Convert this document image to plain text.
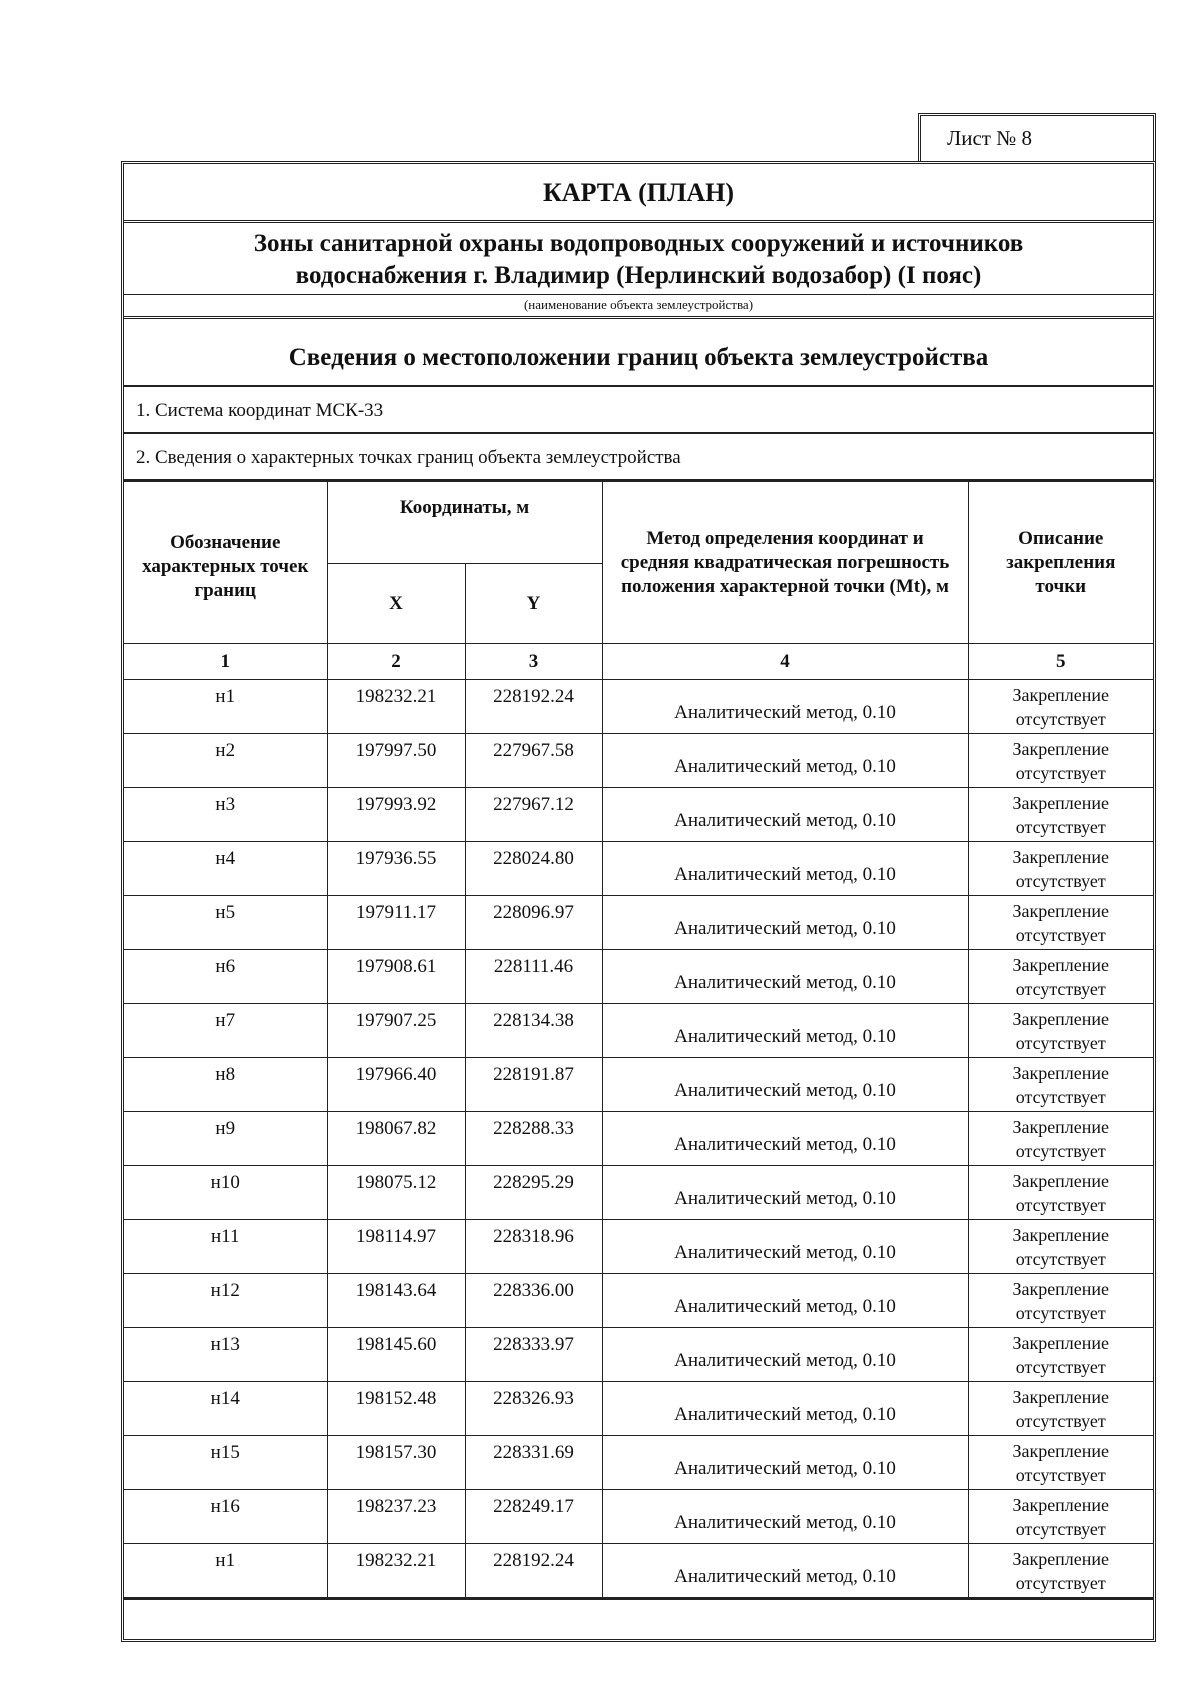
Лист № 8
КАРТА (ПЛАН)
Зоны санитарной охраны водопроводных сооружений и источников
водоснабжения г. Владимир (Нерлинский водозабор) (I пояс)
(наименование объекта землеустройства)
Сведения о местоположении границ объекта землеустройства
1. Система координат МСК-33
2. Сведения о характерных точках границ объекта землеустройства
Обозначение характерных точек границ	Координаты, м		Метод определения координат и средняя квадратическая погрешность положения характерной точки (Mt), м	Описание закрепления точки
	X	Y		
1	2	3	4	5
н1	198232.21	228192.24	Аналитический метод, 0.10	Закрепление отсутствует
н2	197997.50	227967.58	Аналитический метод, 0.10	Закрепление отсутствует
н3	197993.92	227967.12	Аналитический метод, 0.10	Закрепление отсутствует
н4	197936.55	228024.80	Аналитический метод, 0.10	Закрепление отсутствует
н5	197911.17	228096.97	Аналитический метод, 0.10	Закрепление отсутствует
н6	197908.61	228111.46	Аналитический метод, 0.10	Закрепление отсутствует
н7	197907.25	228134.38	Аналитический метод, 0.10	Закрепление отсутствует
н8	197966.40	228191.87	Аналитический метод, 0.10	Закрепление отсутствует
н9	198067.82	228288.33	Аналитический метод, 0.10	Закрепление отсутствует
н10	198075.12	228295.29	Аналитический метод, 0.10	Закрепление отсутствует
н11	198114.97	228318.96	Аналитический метод, 0.10	Закрепление отсутствует
н12	198143.64	228336.00	Аналитический метод, 0.10	Закрепление отсутствует
н13	198145.60	228333.97	Аналитический метод, 0.10	Закрепление отсутствует
н14	198152.48	228326.93	Аналитический метод, 0.10	Закрепление отсутствует
н15	198157.30	228331.69	Аналитический метод, 0.10	Закрепление отсутствует
н16	198237.23	228249.17	Аналитический метод, 0.10	Закрепление отсутствует
н1	198232.21	228192.24	Аналитический метод, 0.10	Закрепление отсутствует
